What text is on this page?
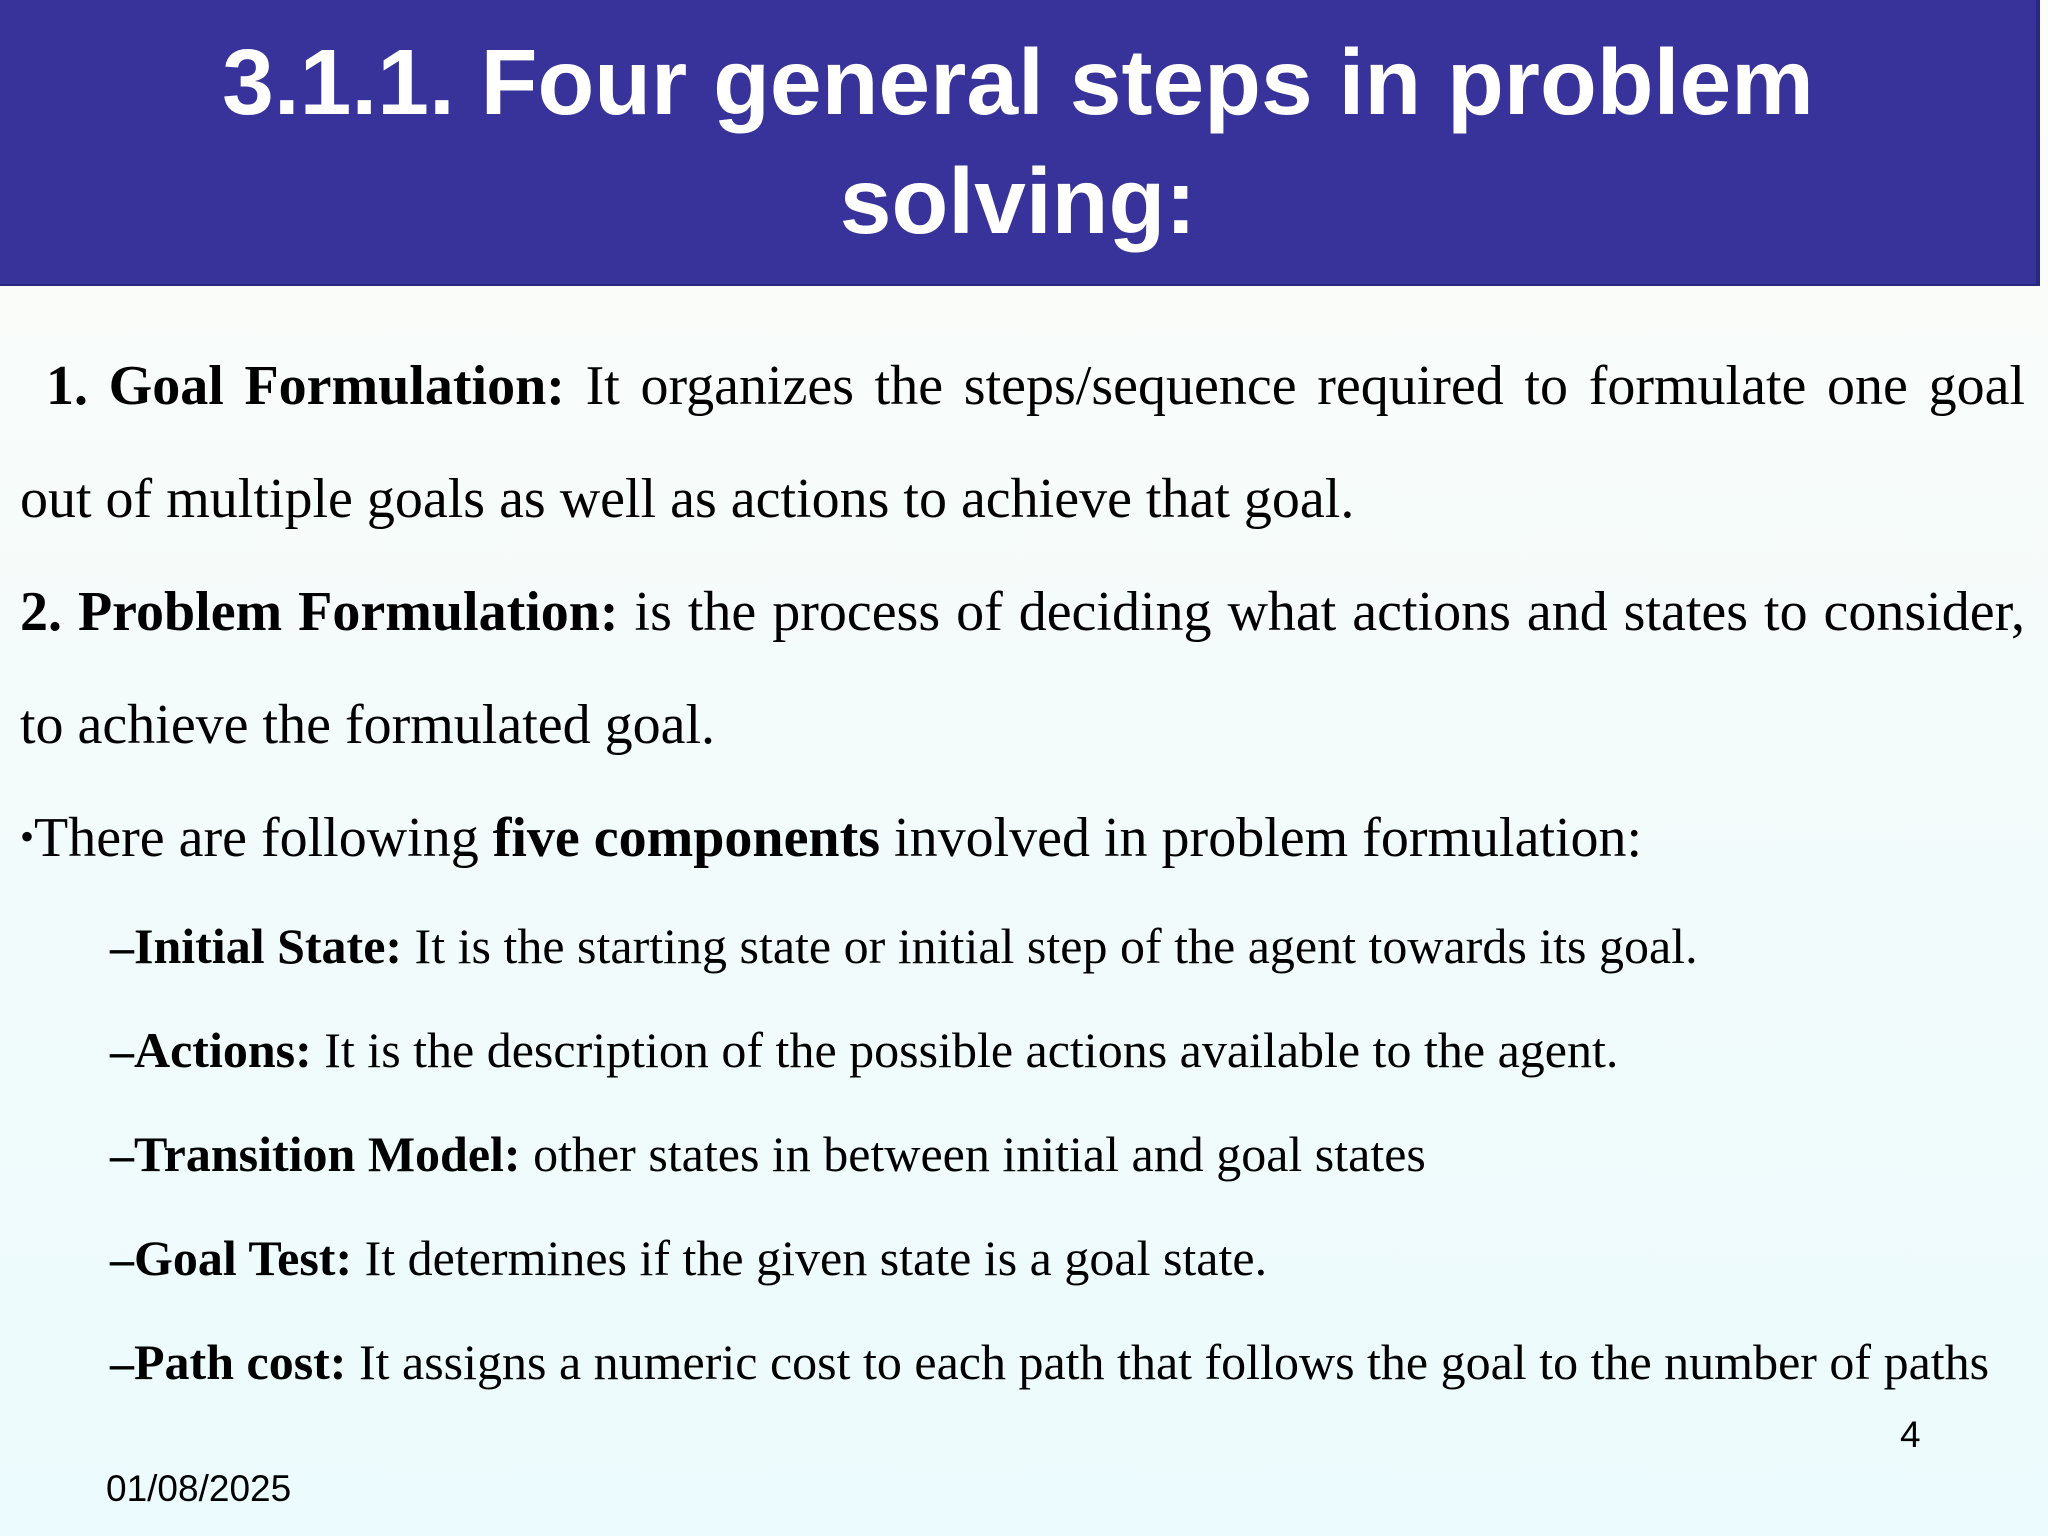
3.1.1. Four general steps in problem solving:

1. Goal Formulation: It organizes the steps/sequence required to formulate one goal out of multiple goals as well as actions to achieve that goal.

2. Problem Formulation: is the process of deciding what actions and states to consider, to achieve the formulated goal.

•There are following five components involved in problem formulation:

–Initial State: It is the starting state or initial step of the agent towards its goal.
–Actions: It is the description of the possible actions available to the agent.
–Transition Model: other states in between initial and goal states
–Goal Test: It determines if the given state is a goal state.
–Path cost: It assigns a numeric cost to each path that follows the goal to the number of paths
01/08/2025
4
